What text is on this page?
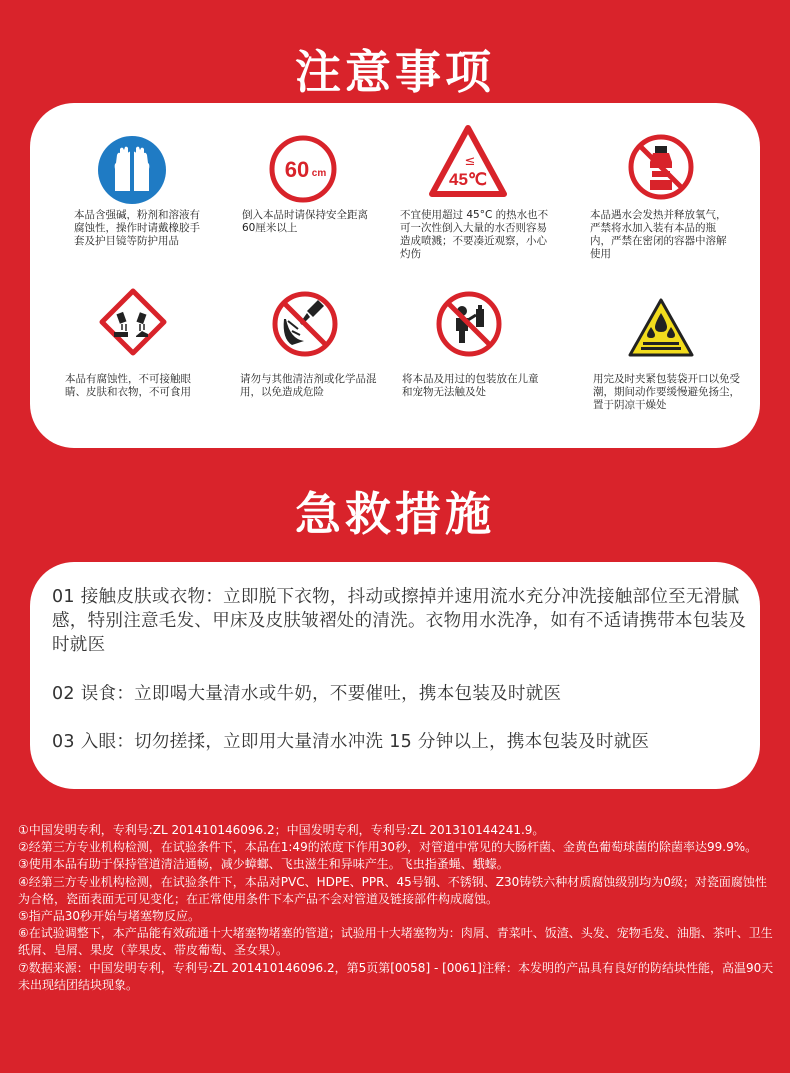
注意事项
本品含强碱，粉剂和溶液有腐蚀性，操作时请戴橡胶手套及护目镜等防护用品
60 cm
倒入本品时请保持安全距离60厘米以上
≤
45℃
不宜使用超过 45°C 的热水也不可一次性倒入大量的水否则容易造成喷溅；不要凑近观察，小心灼伤
本品遇水会发热并释放氧气，严禁将水加入装有本品的瓶内，严禁在密闭的容器中溶解使用
本品有腐蚀性，不可接触眼睛、皮肤和衣物，不可食用
请勿与其他清洁剂或化学品混用，以免造成危险
将本品及用过的包装放在儿童和宠物无法触及处
用完及时夹紧包装袋开口以免受潮，期间动作要缓慢避免扬尘，置于阴凉干燥处
急救措施
01 接触皮肤或衣物：立即脱下衣物，抖动或擦掉并速用流水充分冲洗接触部位至无滑腻感，特别注意毛发、甲床及皮肤皱褶处的清洗。衣物用水洗净，如有不适请携带本包装及时就医
02 误食：立即喝大量清水或牛奶，不要催吐，携本包装及时就医
03 入眼：切勿搓揉，立即用大量清水冲洗 15 分钟以上，携本包装及时就医

①中国发明专利，专利号:ZL 201410146096.2；中国发明专利，专利号:ZL 201310144241.9。

②经第三方专业机构检测，在试验条件下，本品在1:49的浓度下作用30秒，对管道中常见的大肠杆菌、金黄色葡萄球菌的除菌率达99.9%。

③使用本品有助于保持管道清洁通畅，减少蟑螂、飞虫滋生和异味产生。飞虫指蚤蝇、蛾蠓。

④经第三方专业机构检测，在试验条件下，本品对PVC、HDPE、PPR、45号钢、不锈钢、Z30铸铁六种材质腐蚀级别均为0级；对瓷面腐蚀性为合格，瓷面表面无可见变化；在正常使用条件下本产品不会对管道及链接部件构成腐蚀。

⑤指产品30秒开始与堵塞物反应。

⑥在试验调整下，本产品能有效疏通十大堵塞物堵塞的管道；试验用十大堵塞物为：肉屑、青菜叶、饭渣、头发、宠物毛发、油脂、茶叶、卫生纸屑、皂屑、果皮（苹果皮、带皮葡萄、圣女果）。

⑦数据来源：中国发明专利，专利号:ZL 201410146096.2，第5页第[0058] - [0061]注释：本发明的产品具有良好的防结块性能，高温90天未出现结团结块现象。
